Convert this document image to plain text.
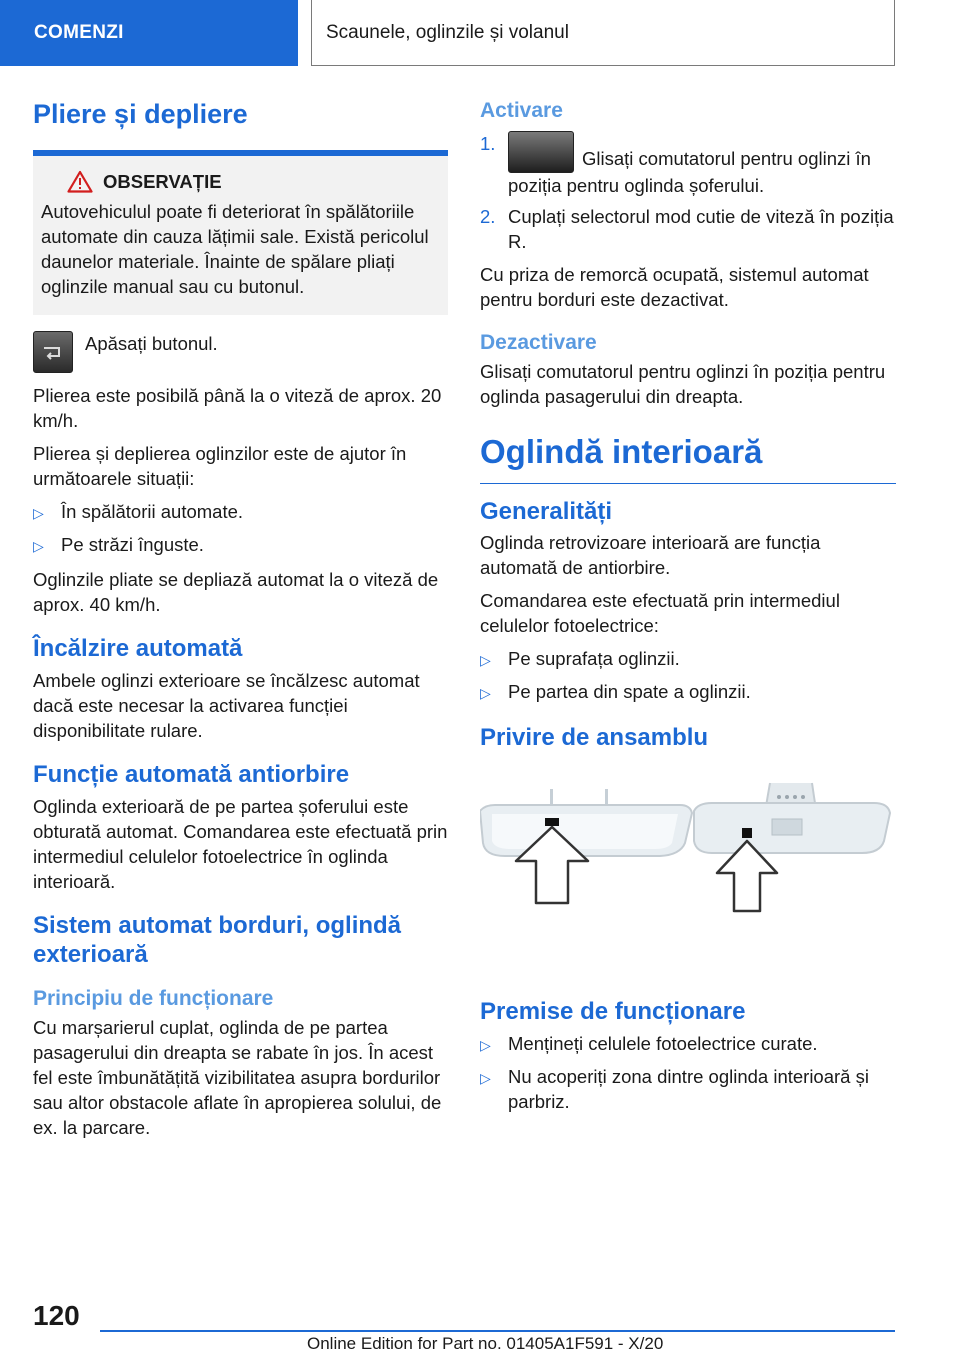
COMENZI	Scaunele, oglinzile și volanul
Pliere și depliere
OBSERVAȚIE

Autovehiculul poate fi deteriorat în spălătoriile automate din cauza lățimii sale. Există pericolul daunelor materiale. Înainte de spălare pliați oglinzile manual sau cu butonul.

Apăsați butonul.

Plierea este posibilă până la o viteză de aprox. 20 km/h.

Plierea și deplierea oglinzilor este de ajutor în următoarele situații:

▷ În spălătorii automate.
▷ Pe străzi înguste.

Oglinzile pliate se depliază automat la o viteză de aprox. 40 km/h.

Încălzire automată

Ambele oglinzi exterioare se încălzesc automat dacă este necesar la activarea funcției disponibilitate rulare.

Funcție automată antiorbire

Oglinda exterioară de pe partea șoferului este obturată automat. Comandarea este efectuată prin intermediul celulelor fotoelectrice în oglinda interioară.

Sistem automat borduri, oglindă exterioară
Principiu de funcționare

Cu marșarierul cuplat, oglinda de pe partea pasagerului din dreapta se rabate în jos. În acest fel este îmbunătățită vizibilitatea asupra bordurilor sau altor obstacole aflate în apropierea solului, de ex. la parcare.

Activare
1.
Glisați comutatorul pentru oglinzi în poziția pentru oglinda șoferului.
2. Cuplați selectorul mod cutie de viteză în poziția R.

Cu priza de remorcă ocupată, sistemul automat pentru borduri este dezactivat.

Dezactivare

Glisați comutatorul pentru oglinzi în poziția pentru oglinda pasagerului din dreapta.

Oglindă interioară
Generalități

Oglinda retrovizoare interioară are funcția automată de antiorbire.

Comandarea este efectuată prin intermediul celulelor fotoelectrice:

▷ Pe suprafața oglinzii.
▷ Pe partea din spate a oglinzii.
Privire de ansamblu
Premise de funcționare
▷ Mențineți celulele fotoelectrice curate.
▷ Nu acoperiți zona dintre oglinda interioară și parbriz.
120
Online Edition for Part no. 01405A1F591 - X/20
